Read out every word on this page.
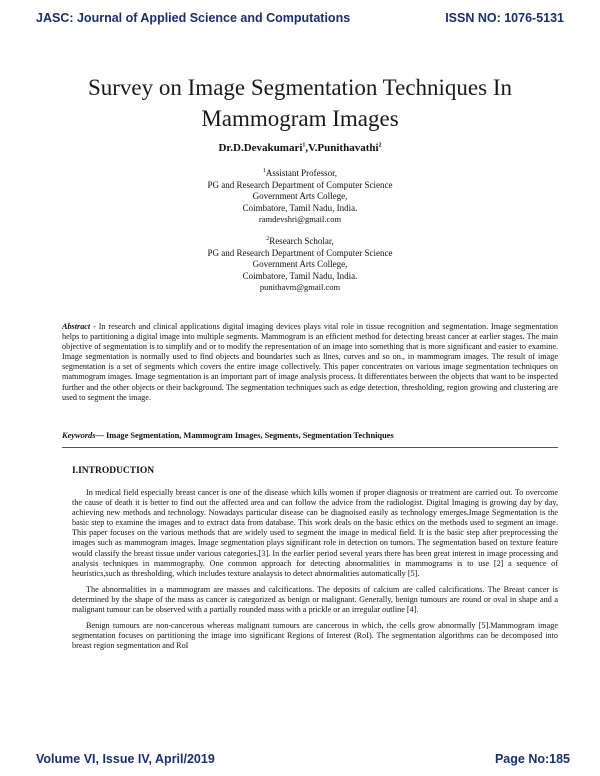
JASC: Journal of Applied Science and Computations	ISSN NO: 1076-5131
Survey on Image Segmentation Techniques In Mammogram Images
Dr.D.Devakumari$^1$,V.Punithavathi$^2$
$^1$Assistant Professor,
PG and Research Department of Computer Science
Government Arts College,
Coimbatore, Tamil Nadu, India.
ramdevshri@gmail.com
$^2$Research Scholar,
PG and Research Department of Computer Science
Government Arts College,
Coimbatore, Tamil Nadu, India.
punithavm@gmail.com
Abstract - In research and clinical applications digital imaging devices plays vital role in tissue recognition and segmentation. Image segmentation helps to partitioning a digital image into multiple segments. Mammogram is an efficient method for detecting breast cancer at earlier stages. The main objective of segmentation is to simplify and or to modify the representation of an image into something that is more significant and easier to examine. Image segmentation is normally used to find objects and boundaries such as lines, curves and so on., in mammogram images. The result of image segmentation is a set of segments which covers the entire image collectively. This paper concentrates on various image segmentation techniques on mammogram images. Image segmentation is an important part of image analysis process. It differentiates between the objects that want to be inspected further and the other objects or their background. The segmentation techniques such as edge detection, thresholding, region growing and clustering are used to segment the image.
Keywords— Image Segmentation, Mammogram Images, Segments, Segmentation Techniques
I.INTRODUCTION

In medical field especially breast cancer is one of the disease which kills women if proper diagnosis or treatment are carried out. To overcome the cause of death it is better to find out the affected area and can follow the advice from the radiologist. Digital Imaging is growing day by day, achieving new methods and technology. Nowadays particular disease can be diagnoised easily as technology emerges.Image Segmentation is the basic step to examine the images and to extract data from database. This work deals on the basic ethics on the methods used to segment an image. This paper focuses on the various methods that are widely used to segment the image in medical field. It is the basic step after preprocessing the images such as mammogram images. Image segmentation plays significant role in detection on tumors. The segmentation based on texture feature would classify the breast tissue under various categories.[3]. In the earlier period several years there has been great interest in image processing and analysis techniques in mammography. One common approach for detecting abnormalities in mammograms is to use [2] a sequence of heuristics,such as thresholding, which includes texture analaysis to detect abnormalities automatically [5].

The abnormalities in a mammogram are masses and calcifications. The deposits of calcium are called calcifications. The Breast cancer is determined by the shape of the mass as cancer is categorized as benign or malignant. Generally, benign tumours are round or oval in shape and a malignant tumour can be observed with a partially rounded mass with a prickle or an irregular outline [4].

Benign tumours are non-cancerous whereas malignant tumours are cancerous in which, the cells grow abnormally [5].Mammogram image segmentation focuses on partitioning the image into significant Regions of Interest (RoI). The segmentation algorithms can be decomposed into breast region segmentation and RoI

Volume VI, Issue IV, April/2019	Page No:185
